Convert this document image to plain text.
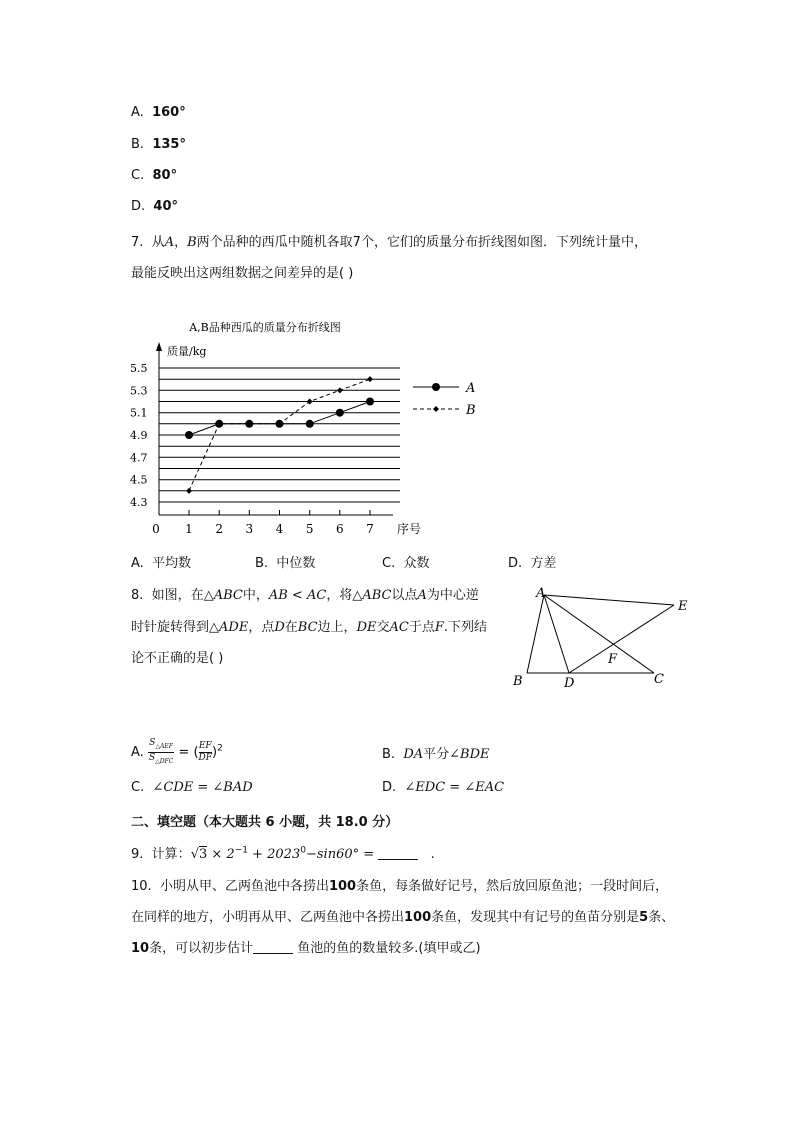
A. 160°
B. 135°
C. 80°
D. 40°
7. 从A，B两个品种的西瓜中随机各取7个，它们的质量分布折线图如图．下列统计量中，
最能反映出这两组数据之间差异的是( )
A,B品种西瓜的质量分布折线图
质量/kg
0	序号
4.3
4.5
4.7
4.9
5.1
5.3
5.5
1 2 3 4 5 6 7
A
B
A. 平均数	B. 中位数	C. 众数	D. 方差
8. 如图，在△ABC中，AB < AC，将△ABC以点A为中心逆
时针旋转得到△ADE，点D在BC边上，DE交AC于点F.下列结
论不正确的是( )
A
B	D	C
E
F
A.
$S_{\triangle AEF}$
$S_{\triangle DFC}$
= ( $\frac{EF}{DF} )^2$	B. DA平分∠BDE
C. ∠CDE = ∠BAD	D. ∠EDC = ∠EAC
二、填空题（本大题共 6 小题，共 18.0 分）
9. 计算：$√3 \times 2^{-1} + 2023^0-\sin 60^\circ$ =	.
10. 小明从甲、乙两鱼池中各捞出100条鱼，每条做好记号，然后放回原鱼池；一段时间后，
在同样的地方，小明再从甲、乙两鱼池中各捞出100条鱼，发现其中有记号的鱼苗分别是5条、
10条，可以初步估计	鱼池的鱼的数量较多.(填甲或乙)
